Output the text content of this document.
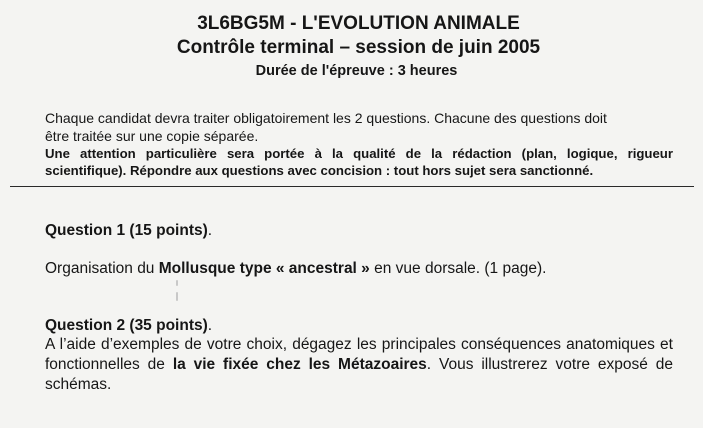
3L6BG5M - L'EVOLUTION ANIMALE
Contrôle terminal – session de juin 2005
Durée de l'épreuve : 3 heures
Chaque candidat devra traiter obligatoirement les 2 questions. Chacune des questions doit
être traitée sur une copie séparée.
Une attention particulière sera portée à la qualité de la rédaction (plan, logique, rigueur scientifique). Répondre aux questions avec concision : tout hors sujet sera sanctionné.
Question 1 (15 points).
Organisation du Mollusque type « ancestral » en vue dorsale. (1 page).
Question 2 (35 points).
A l’aide d’exemples de votre choix, dégagez les principales conséquences anatomiques et fonctionnelles de la vie fixée chez les Métazoaires. Vous illustrerez votre exposé de schémas.
